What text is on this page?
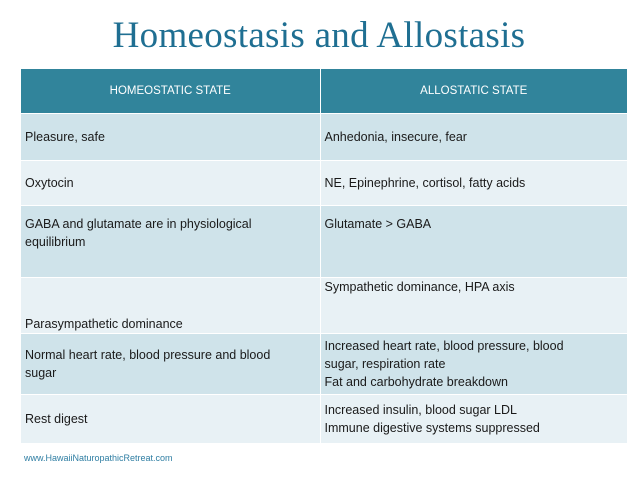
Homeostasis and Allostasis
HOMEOSTATIC STATE	ALLOSTATIC STATE
Pleasure, safe	Anhedonia, insecure, fear
Oxytocin	NE, Epinephrine, cortisol, fatty acids

GABA and glutamate are in physiological
equilibrium	Glutamate > GABA
Parasympathetic dominance	Sympathetic dominance, HPA axis

Normal heart rate, blood pressure and blood
sugar	Increased heart rate, blood pressure, blood
sugar, respiration rate
Fat and carbohydrate breakdown

Rest digest	Increased insulin, blood sugar LDL
Immune digestive systems suppressed
www.HawaiiNaturopathicRetreat.com
